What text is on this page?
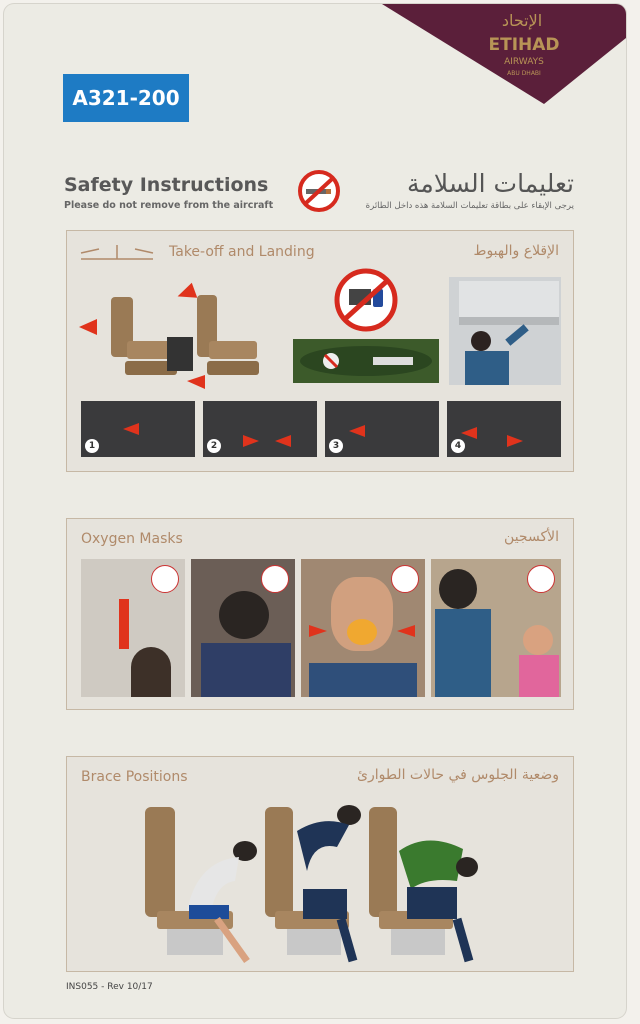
الإتحاد
ETIHAD
AIRWAYS
ABU DHABI
A321-200
Safety Instructions
Please do not remove from the aircraft
تعليمات السلامة
يرجى الإبقاء على بطاقة تعليمات السلامة هذه داخل الطائرة
Take-off and Landing	الإقلاع والهبوط
1	2	3	4
Oxygen Masks	الأكسجين
Brace Positions	وضعية الجلوس في حالات الطوارئ
INS055 - Rev 10/17
